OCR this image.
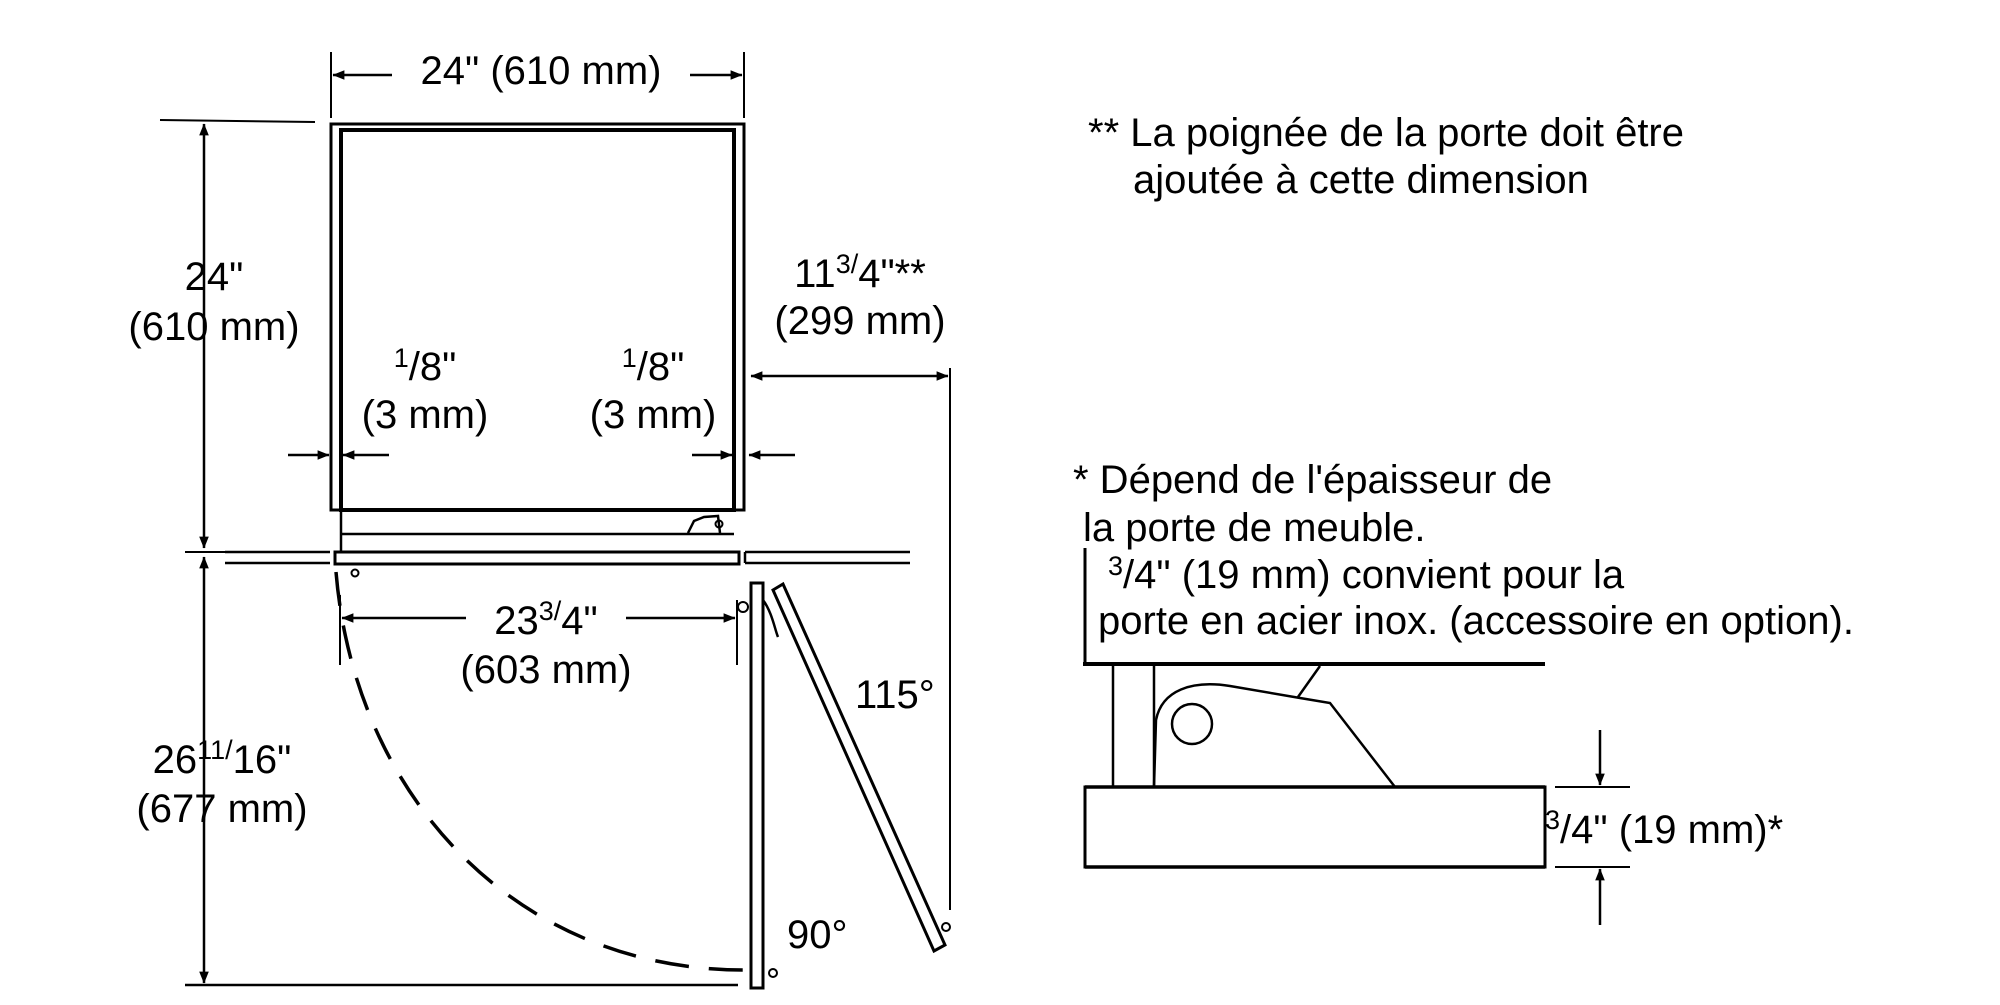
24" (610 mm)
24"
(610 mm)
$^1$/8"
(3 mm)
$^1$/8"
(3 mm)
$11^3/4"**$
(299 mm)
$23^3/4$"
(603 mm)
$26^{11}/16$"
(677 mm)
115°
90°
** La poignée de la porte doit être
ajoutée à cette dimension
* Dépend de l'épaisseur de
la porte de meuble.
$^3$/4" (19 mm) convient pour la
porte en acier inox. (accessoire en option).
$^3$/4" (19 mm)*
